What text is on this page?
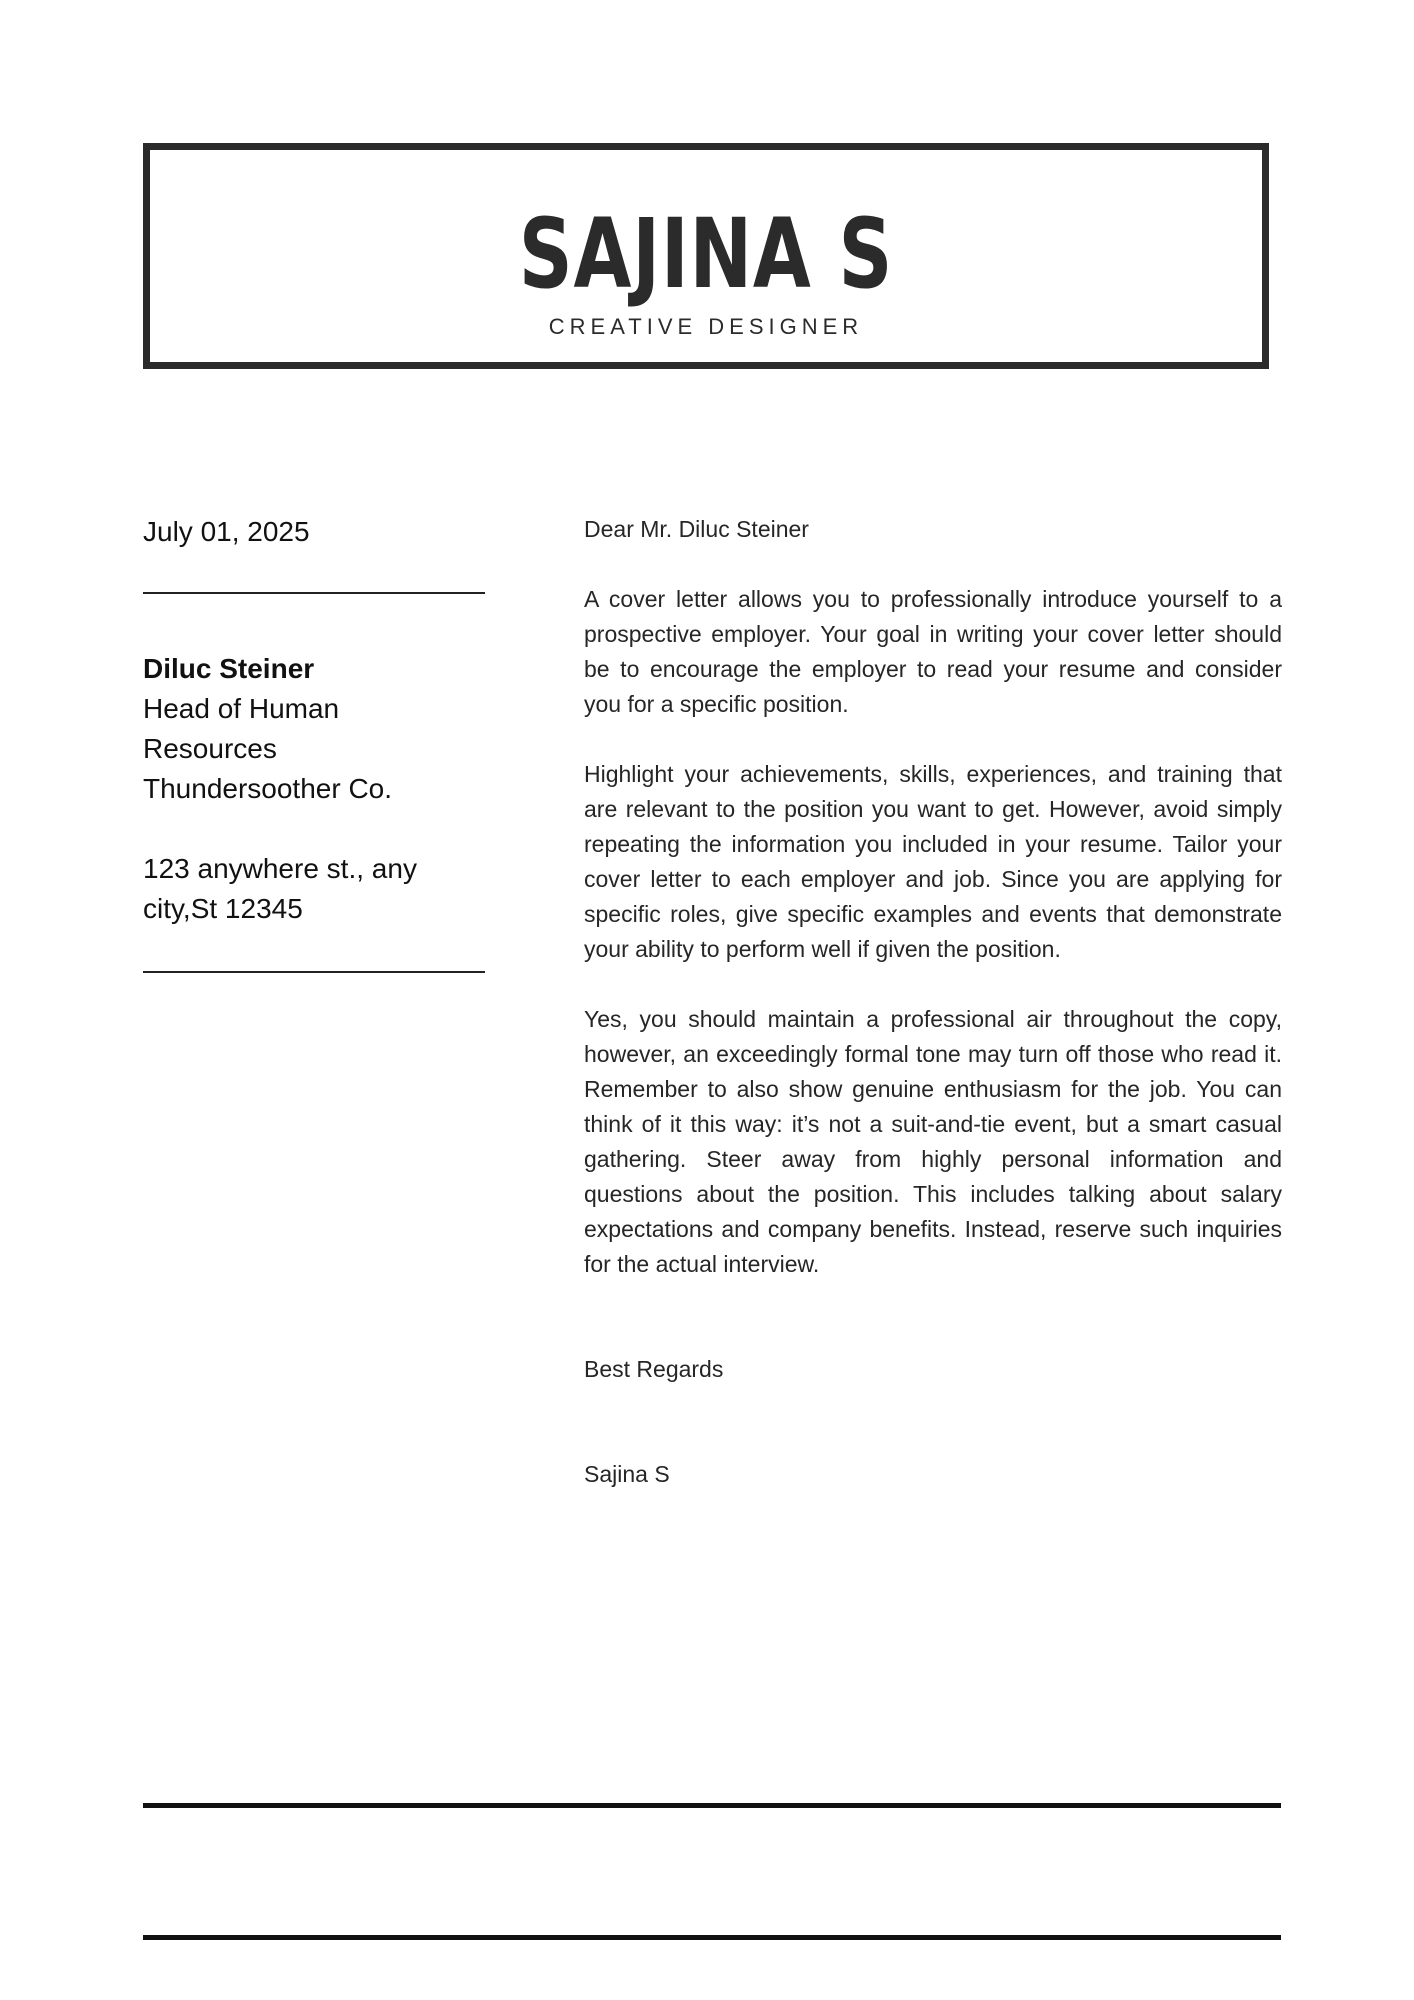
SAJINA S
CREATIVE DESIGNER

July 01, 2025

Diluc Steiner
Head of Human
Resources
Thundersoother Co.
123 anywhere st., any
city,St 12345

Dear Mr. Diluc Steiner

A cover letter allows you to professionally introduce yourself to a prospective employer. Your goal in writing your cover letter should be to encourage the employer to read your resume and consider you for a specific position.

Highlight your achievements, skills, experiences, and training that are relevant to the position you want to get. However, avoid simply repeating the information you included in your resume. Tailor your cover letter to each employer and job. Since you are applying for specific roles, give specific examples and events that demonstrate your ability to perform well if given the position.

Yes, you should maintain a professional air throughout the copy, however, an exceedingly formal tone may turn off those who read it. Remember to also show genuine enthusiasm for the job. You can think of it this way: it’s not a suit-and-tie event, but a smart casual gathering. Steer away from highly personal information and questions about the position. This includes talking about salary expectations and company benefits. Instead, reserve such inquiries for the actual interview.

Best Regards

Sajina S
